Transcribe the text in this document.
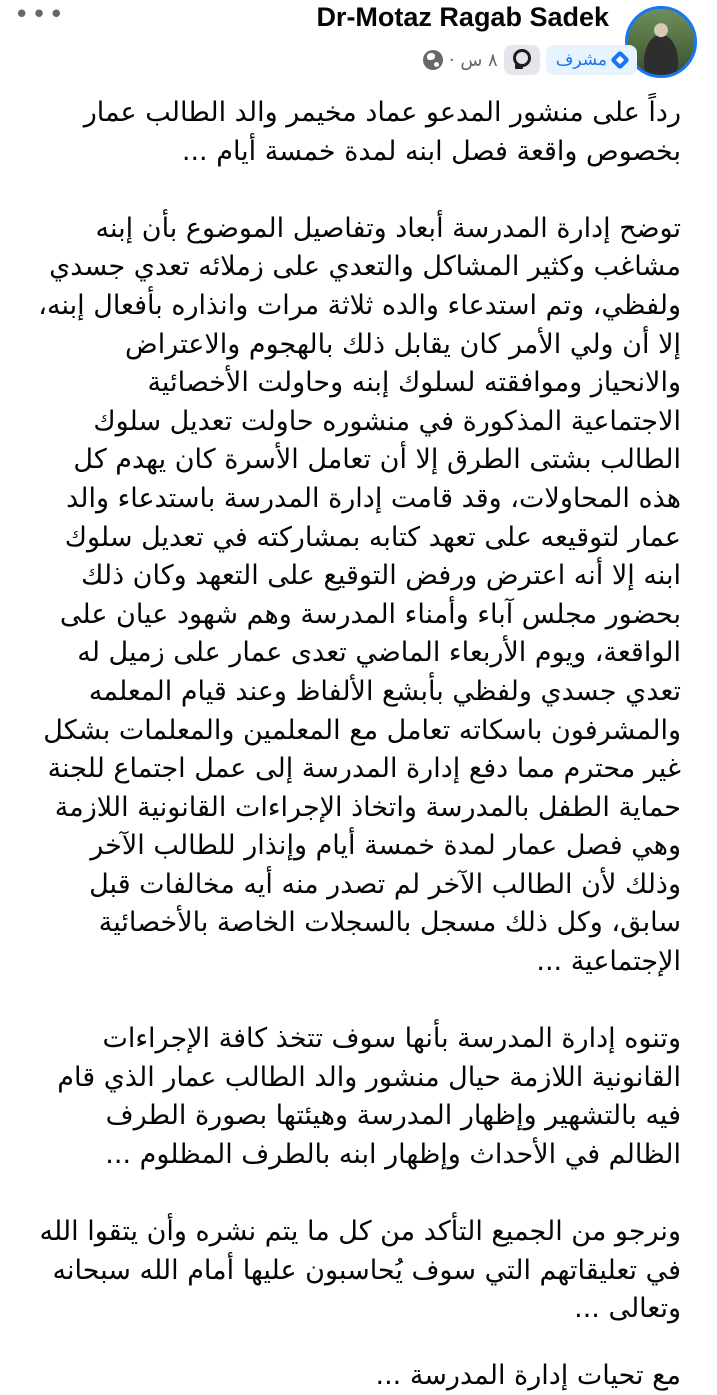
•••	Dr-Motaz Ragab Sadek
مشرف
٨ س ·

رداً على منشور المدعو عماد مخيمر والد الطالب عمار بخصوص واقعة فصل ابنه لمدة خمسة أيام ...

توضح إدارة المدرسة أبعاد وتفاصيل الموضوع بأن إبنه مشاغب وكثير المشاكل والتعدي على زملائه تعدي جسدي ولفظي، وتم استدعاء والده ثلاثة مرات وانذاره بأفعال إبنه، إلا أن ولي الأمر كان يقابل ذلك بالهجوم والاعتراض والانحياز وموافقته لسلوك إبنه وحاولت الأخصائية الاجتماعية المذكورة في منشوره حاولت تعديل سلوك الطالب بشتى الطرق إلا أن تعامل الأسرة كان يهدم كل هذه المحاولات، وقد قامت إدارة المدرسة باستدعاء والد عمار لتوقيعه على تعهد كتابه بمشاركته في تعديل سلوك ابنه إلا أنه اعترض ورفض التوقيع على التعهد وكان ذلك بحضور مجلس آباء وأمناء المدرسة وهم شهود عيان على الواقعة، ويوم الأربعاء الماضي تعدى عمار على زميل له تعدي جسدي ولفظي بأبشع الألفاظ وعند قيام المعلمه والمشرفون باسكاته تعامل مع المعلمين والمعلمات بشكل غير محترم مما دفع إدارة المدرسة إلى عمل اجتماع للجنة حماية الطفل بالمدرسة واتخاذ الإجراءات القانونية اللازمة وهي فصل عمار لمدة خمسة أيام وإنذار للطالب الآخر وذلك لأن الطالب الآخر لم تصدر منه أيه مخالفات قبل سابق، وكل ذلك مسجل بالسجلات الخاصة بالأخصائية الإجتماعية ...

وتنوه إدارة المدرسة بأنها سوف تتخذ كافة الإجراءات القانونية اللازمة حيال منشور والد الطالب عمار الذي قام فيه بالتشهير وإظهار المدرسة وهيئتها بصورة الطرف الظالم في الأحداث وإظهار ابنه بالطرف المظلوم ...

ونرجو من الجميع التأكد من كل ما يتم نشره وأن يتقوا الله في تعليقاتهم التي سوف يُحاسبون عليها أمام الله سبحانه وتعالى ...

مع تحيات إدارة المدرسة ...
